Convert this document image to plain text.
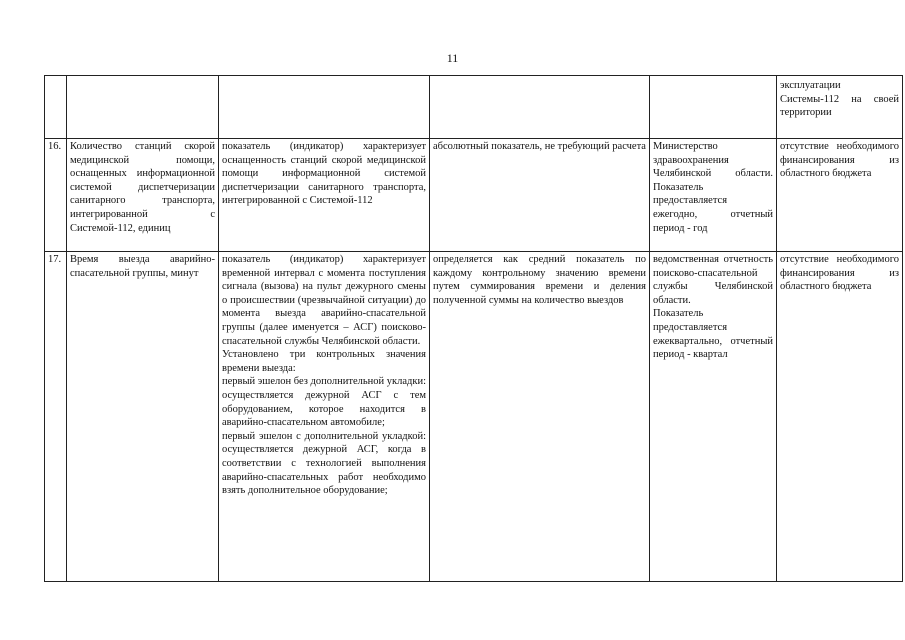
11
					эксплуатации Системы-112 на своей территории
16.	Количество станций скорой медицинской помощи, оснащенных информационной системой диспетчеризации санитарного транспорта, интегрированной с Системой-112, единиц	показатель (индикатор) характеризует оснащенность станций скорой медицинской помощи информационной системой диспетчеризации санитарного транспорта, интегрированной с Системой-112	абсолютный показатель, не требующий расчета	Министерство здравоохранения Челябинской области. Показатель предоставляется ежегодно, отчетный период - год	отсутствие необходимого финансирования из областного бюджета
17.	Время выезда аварийно-спасательной группы, минут	показатель (индикатор) характеризует временной интервал с момента поступления сигнала (вызова) на пульт дежурного смены о происшествии (чрезвычайной ситуации) до момента выезда аварийно-спасательной группы (далее именуется – АСГ) поисково-спасательной службы Челябинской области.
Установлено три контрольных значения времени выезда:
первый эшелон без дополнительной укладки: осуществляется дежурной АСГ с тем оборудованием, которое находится в аварийно-спасательном автомобиле;
первый эшелон с дополнительной укладкой: осуществляется дежурной АСГ, когда в соответствии с технологией выполнения аварийно-спасательных работ необходимо взять дополнительное оборудование;	определяется как средний показатель по каждому контрольному значению времени путем суммирования времени и деления полученной суммы на количество выездов	ведомственная отчетность поисково-спасательной службы Челябинской области.
Показатель предоставляется ежеквартально, отчетный период - квартал	отсутствие необходимого финансирования из областного бюджета
